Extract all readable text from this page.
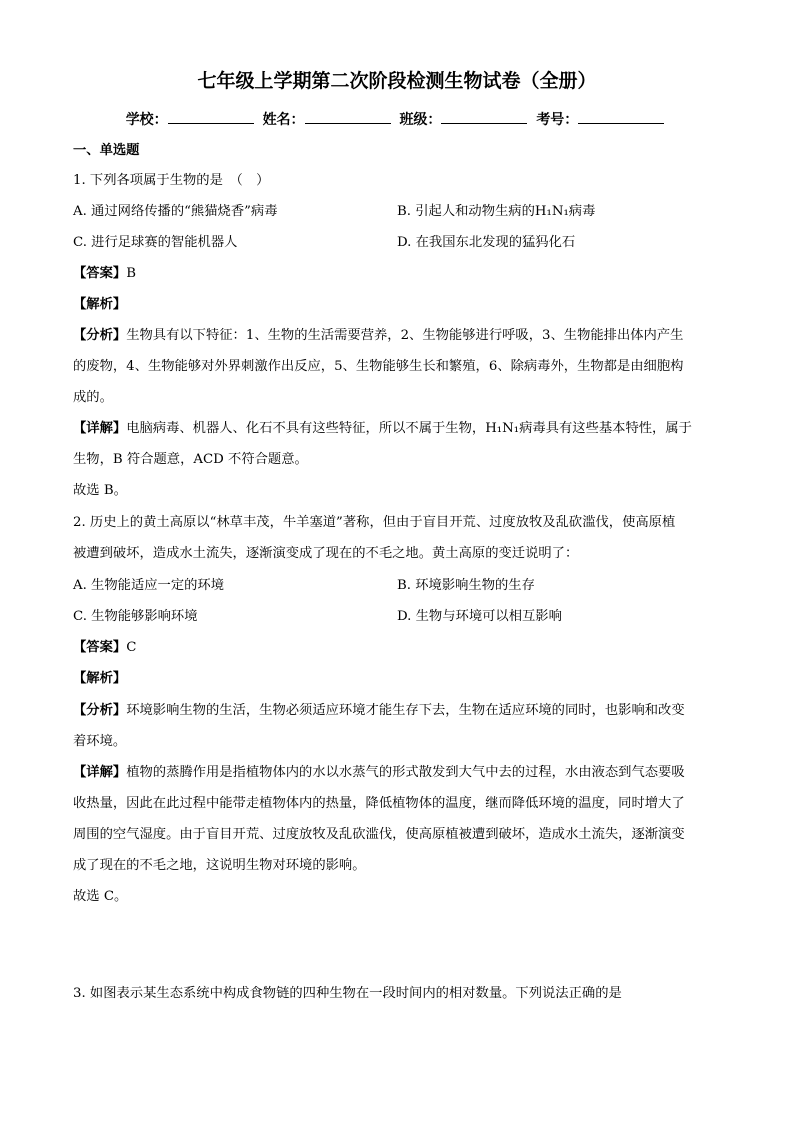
七年级上学期第二次阶段检测生物试卷（全册）
学校：	姓名：	班级：	考号：
一、单选题
1. 下列各项属于生物的是　（　）
A. 通过网络传播的“熊猫烧香”病毒	B. 引起人和动物生病的H₁N₁病毒
C. 进行足球赛的智能机器人	D. 在我国东北发现的猛犸化石
【答案】B
【解析】
【分析】生物具有以下特征：1、生物的生活需要营养，2、生物能够进行呼吸，3、生物能排出体内产生
的废物，4、生物能够对外界刺激作出反应，5、生物能够生长和繁殖，6、除病毒外，生物都是由细胞构
成的。
【详解】电脑病毒、机器人、化石不具有这些特征，所以不属于生物，H₁N₁病毒具有这些基本特性，属于
生物，B 符合题意，ACD 不符合题意。
故选 B。
2. 历史上的黄土高原以“林草丰茂，牛羊塞道”著称，但由于盲目开荒、过度放牧及乱砍滥伐，使高原植
被遭到破坏，造成水土流失，逐渐演变成了现在的不毛之地。黄土高原的变迁说明了：
A. 生物能适应一定的环境	B. 环境影响生物的生存
C. 生物能够影响环境	D. 生物与环境可以相互影响
【答案】C
【解析】
【分析】环境影响生物的生活，生物必须适应环境才能生存下去，生物在适应环境的同时，也影响和改变
着环境。
【详解】植物的蒸腾作用是指植物体内的水以水蒸气的形式散发到大气中去的过程，水由液态到气态要吸
收热量，因此在此过程中能带走植物体内的热量，降低植物体的温度，继而降低环境的温度，同时增大了
周围的空气湿度。由于盲目开荒、过度放牧及乱砍滥伐，使高原植被遭到破坏，造成水土流失，逐渐演变
成了现在的不毛之地，这说明生物对环境的影响。
故选 C。
3. 如图表示某生态系统中构成食物链的四种生物在一段时间内的相对数量。下列说法正确的是
